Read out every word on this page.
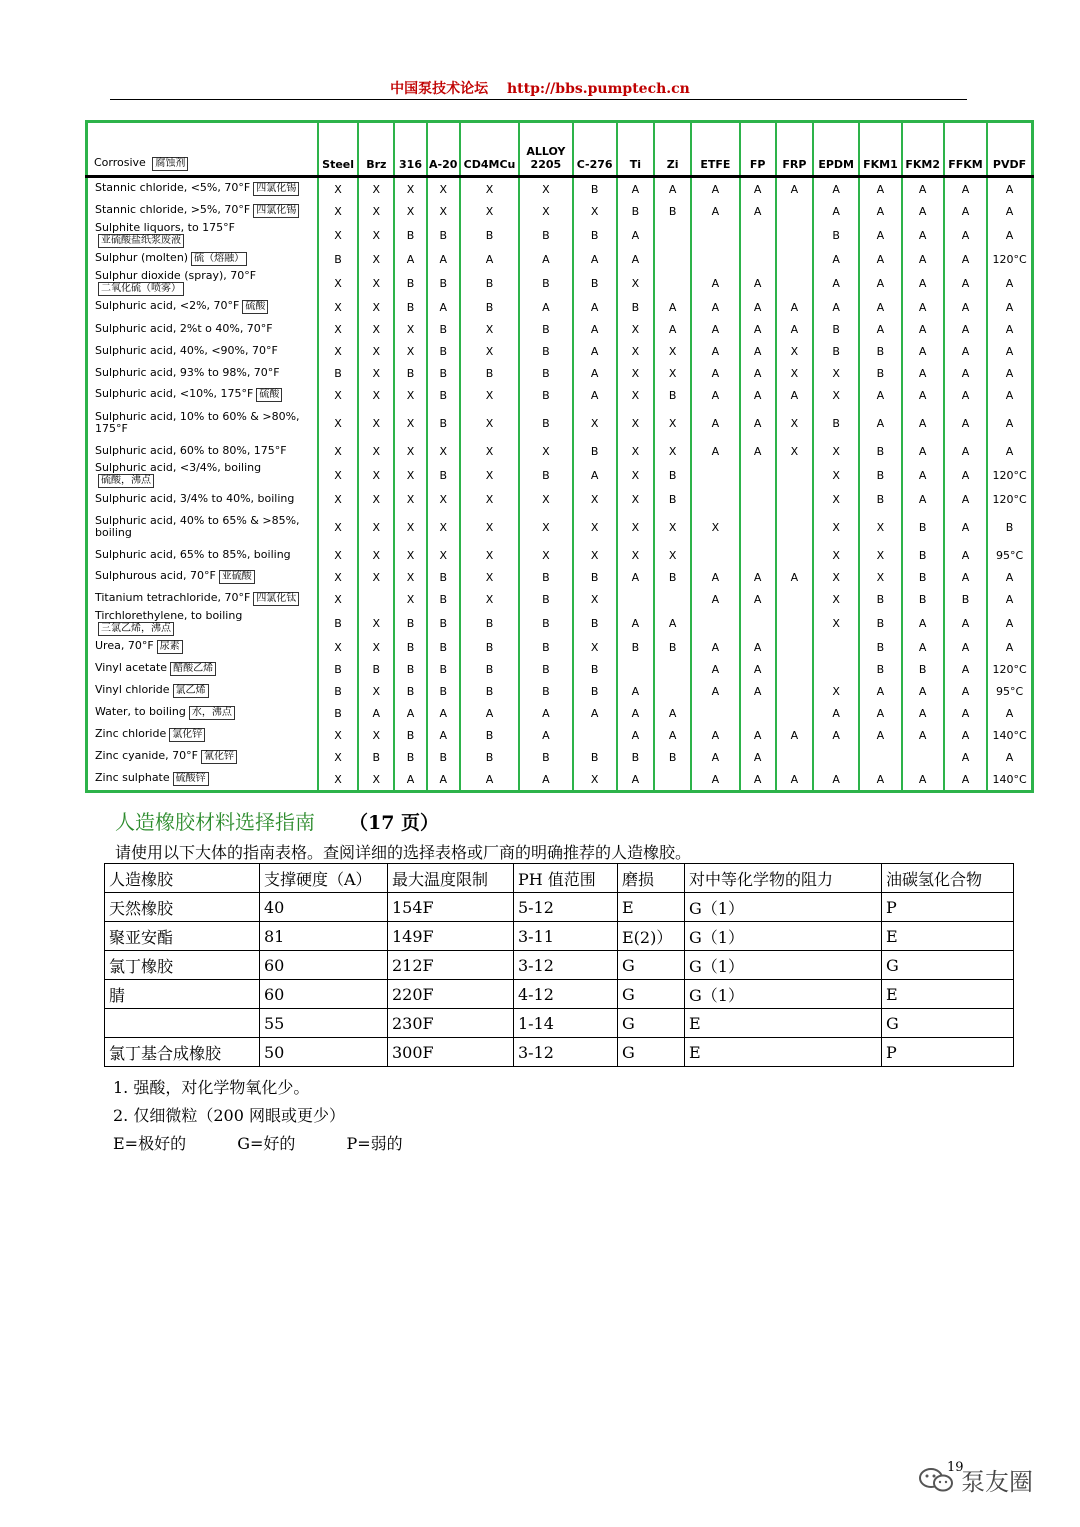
中国泵技术论坛 http://bbs.pumptech.cn
Corrosive 腐蚀剂	Steel	Brz	316	A-20	CD4MCu	ALLOY 2205	C-276	Ti	Zi	ETFE	FP	FRP	EPDM	FKM1	FKM2	FFKM	PVDF
Stannic chloride, <5%, 70°F 四氯化锡	X	X	X	X	X	X	B	A	A	A	A	A	A	A	A	A	A
Stannic chloride, >5%, 70°F 四氯化锡	X	X	X	X	X	X	X	B	B	A	A		A	A	A	A	A
Sulphite liquors, to 175°F亚硫酸盐纸浆废液	X	X	B	B	B	B	B	A					B	A	A	A	A
Sulphur (molten) 硫（熔融）	B	X	A	A	A	A	A	A					A	A	A	A	120°C
Sulphur dioxide (spray), 70°F二氧化硫（喷雾）	X	X	B	B	B	B	B	X		A	A		A	A	A	A	A
Sulphuric acid, <2%, 70°F 硫酸	X	X	B	A	B	A	A	B	A	A	A	A	A	A	A	A	A
Sulphuric acid, 2%t o 40%, 70°F	X	X	X	B	X	B	A	X	A	A	A	A	B	A	A	A	A
Sulphuric acid, 40%, <90%, 70°F	X	X	X	B	X	B	A	X	X	A	A	X	B	B	A	A	A
Sulphuric acid, 93% to 98%, 70°F	B	X	B	B	B	B	A	X	X	A	A	X	X	B	A	A	A
Sulphuric acid, <10%, 175°F 硫酸	X	X	X	B	X	B	A	X	B	A	A	A	X	A	A	A	A
Sulphuric acid, 10% to 60% & >80%, 175°F	X	X	X	B	X	B	X	X	X	A	A	X	B	A	A	A	A
Sulphuric acid, 60% to 80%, 175°F	X	X	X	X	X	X	B	X	X	A	A	X	X	B	A	A	A
Sulphuric acid, <3/4%, boiling硫酸，沸点	X	X	X	B	X	B	A	X	B				X	B	A	A	120°C
Sulphuric acid, 3/4% to 40%, boiling	X	X	X	X	X	X	X	X	B				X	B	A	A	120°C
Sulphuric acid, 40% to 65% & >85%, boiling	X	X	X	X	X	X	X	X	X	X			X	X	B	A	B
Sulphuric acid, 65% to 85%, boiling	X	X	X	X	X	X	X	X	X				X	X	B	A	95°C
Sulphurous acid, 70°F 亚硫酸	X	X	X	B	X	B	B	A	B	A	A	A	X	X	B	A	A
Titanium tetrachloride, 70°F 四氯化钛	X		X	B	X	B	X			A	A		X	B	B	B	A
Tirchlorethylene, to boiling三氯乙烯，沸点	B	X	B	B	B	B	B	A	A				X	B	A	A	A
Urea, 70°F 尿素	X	X	B	B	B	B	X	B	B	A	A			B	A	A	A
Vinyl acetate 醋酸乙烯	B	B	B	B	B	B	B			A	A			B	B	A	120°C
Vinyl chloride 氯乙烯	B	X	B	B	B	B	B	A		A	A		X	A	A	A	95°C
Water, to boiling 水，沸点	B	A	A	A	A	A	A	A	A				A	A	A	A	A
Zinc chloride 氯化锌	X	X	B	A	B	A		A	A	A	A	A	A	A	A	A	140°C
Zinc cyanide, 70°F 氰化锌	X	B	B	B	B	B	B	B	B	A	A					A	A
Zinc sulphate 硫酸锌	X	X	A	A	A	A	X	A		A	A	A	A	A	A	A	140°C
人造橡胶材料选择指南 （17 页）
请使用以下大体的指南表格。查阅详细的选择表格或厂商的明确推荐的人造橡胶。
人造橡胶	支撑硬度（A）	最大温度限制	PH 值范围	磨损	对中等化学物的阻力	油碳氢化合物
天然橡胶	40	154F	5-12	E	G（1）	P
聚亚安酯	81	149F	3-11	E(2)）	G（1）	E
氯丁橡胶	60	212F	3-12	G	G（1）	G
腈	60	220F	4-12	G	G（1）	E
	55	230F	1-14	G	E	G
氯丁基合成橡胶	50	300F	3-12	G	E	P
1. 强酸，对化学物氧化少。
2. 仅细微粒（200 网眼或更少）
E=极好的	G=好的	P=弱的
19
泵友圈
